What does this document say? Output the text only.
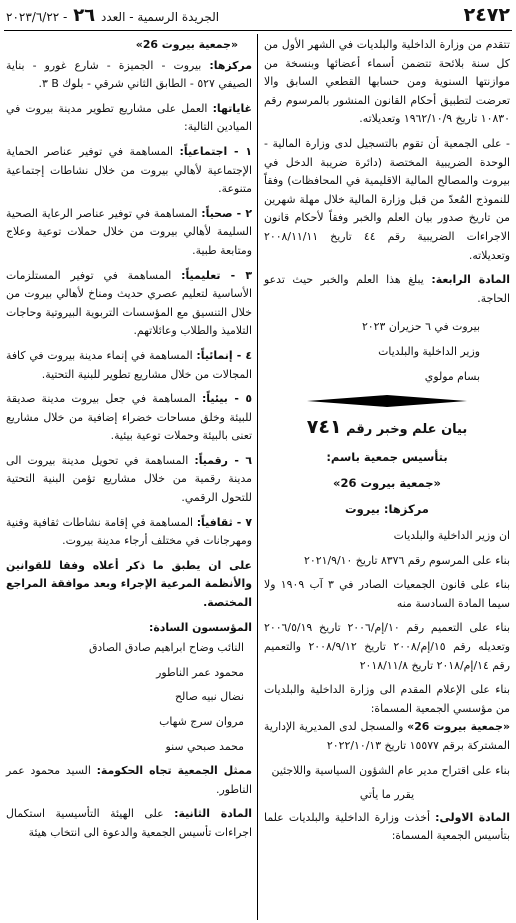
الجريدة الرسمية - العدد ٢٦ - ٢٠٢٣/٦/٢٢	٢٤٧٢

تتقدم من وزارة الداخلية والبلديات في الشهر الأول من كل سنة بلائحة تتضمن أسماء أعضائها وبنسخة من موازنتها السنوية ومن حسابها القطعي السابق والا تعرضت لتطبيق أحكام القانون المنشور بالمرسوم رقم ١٠٨٣٠ تاريخ ١٩٦٢/١٠/٩ وتعديلاته.

- على الجمعية أن تقوم بالتسجيل لدى وزارة المالية - الوحدة الضريبية المختصة (دائرة ضريبة الدخل في بيروت والمصالح المالية الاقليمية في المحافظات) وفقاً للنموذج المُعدّ من قبل وزارة المالية خلال مهلة شهرين من تاريخ صدور بيان العلم والخبر وفقاً لأحكام قانون الاجراءات الضريبية رقم ٤٤ تاريخ ٢٠٠٨/١١/١١ وتعديلاته.

المادة الرابعة: يبلغ هذا العلم والخبر حيث تدعو الحاجة.

بيروت في ٦ حزيران ٢٠٢٣

وزير الداخلية والبلديات

بسام مولوي

بيان علم وخبر رقم ٧٤١

بتأسيس جمعية باسم:

«جمعية بيروت 26»

مركزها: بيروت

ان وزير الداخلية والبلديات

بناء على المرسوم رقم ٨٣٧٦ تاريخ ٢٠٢١/٩/١٠

بناء على قانون الجمعيات الصادر في ٣ آب ١٩٠٩ ولا سيما المادة السادسة منه

بناء على التعميم رقم ١٠/إم/٢٠٠٦ تاريخ ٢٠٠٦/٥/١٩ وتعديله رقم ١٥/إم/٢٠٠٨ تاريخ ٢٠٠٨/٩/١٢ والتعميم رقم ١٤/إم/٢٠١٨ تاريخ ٢٠١٨/١١/٨

بناء على الإعلام المقدم الى وزارة الداخلية والبلديات من مؤسسي الجمعية المسماة:

«جمعية بيروت 26» والمسجل لدى المديرية الإدارية المشتركة برقم ١٥٥٧٧ تاريخ ٢٠٢٢/١٠/١٣

بناء على اقتراح مدير عام الشؤون السياسية واللاجئين

يقرر ما يأتي

المادة الاولى: أخذت وزارة الداخلية والبلديات علما بتأسيس الجمعية المسماة:

«جمعية بيروت 26»

مركزها: بيروت - الجميزة - شارع غورو - بناية الصيفي ٥٢٧ - الطابق الثاني شرقي - بلوك B ٣.

غاياتها: العمل على مشاريع تطوير مدينة بيروت في الميادين التالية:

١ - اجتماعياً: المساهمة في توفير عناصر الحماية الإجتماعية لأهالي بيروت من خلال نشاطات إجتماعية متنوعة.

٢ - صحياً: المساهمة في توفير عناصر الرعاية الصحية السليمة لأهالي بيروت من خلال حملات توعية وعلاج ومتابعة طبية.

٣ - تعليمياً: المساهمة في توفير المستلزمات الأساسية لتعليم عصري حديث ومناخ لأهالي بيروت من خلال التنسيق مع المؤسسات التربوية البيروتية وحاجات التلاميذ والطلاب وعائلاتهم.

٤ - إنمائياً: المساهمة في إنماء مدينة بيروت في كافة المجالات من خلال مشاريع تطوير للبنية التحتية.

٥ - بيئياً: المساهمة في جعل بيروت مدينة صديقة للبيئة وخلق مساحات خضراء إضافية من خلال مشاريع تعنى بالبيئة وحملات توعية بيئية.

٦ - رقمياً: المساهمة في تحويل مدينة بيروت الى مدينة رقمية من خلال مشاريع تؤمن البنية التحتية للتحول الرقمي.

٧ - ثقافياً: المساهمة في إقامة نشاطات ثقافية وفنية ومهرجانات في مختلف أرجاء مدينة بيروت.

على ان يطبق ما ذكر أعلاه وفقا للقوانين والأنظمة المرعية الإجراء وبعد موافقة المراجع المختصة.

المؤسسون السادة:

النائب وضاح ابراهيم صادق الصادق

محمود عمر الناطور

نضال نبيه صالح

مروان سرج شهاب

محمد صبحي سنو

ممثل الجمعية تجاه الحكومة: السيد محمود عمر الناطور.

المادة الثانية: على الهيئة التأسيسية استكمال اجراءات تأسيس الجمعية والدعوة الى انتخاب هيئة
